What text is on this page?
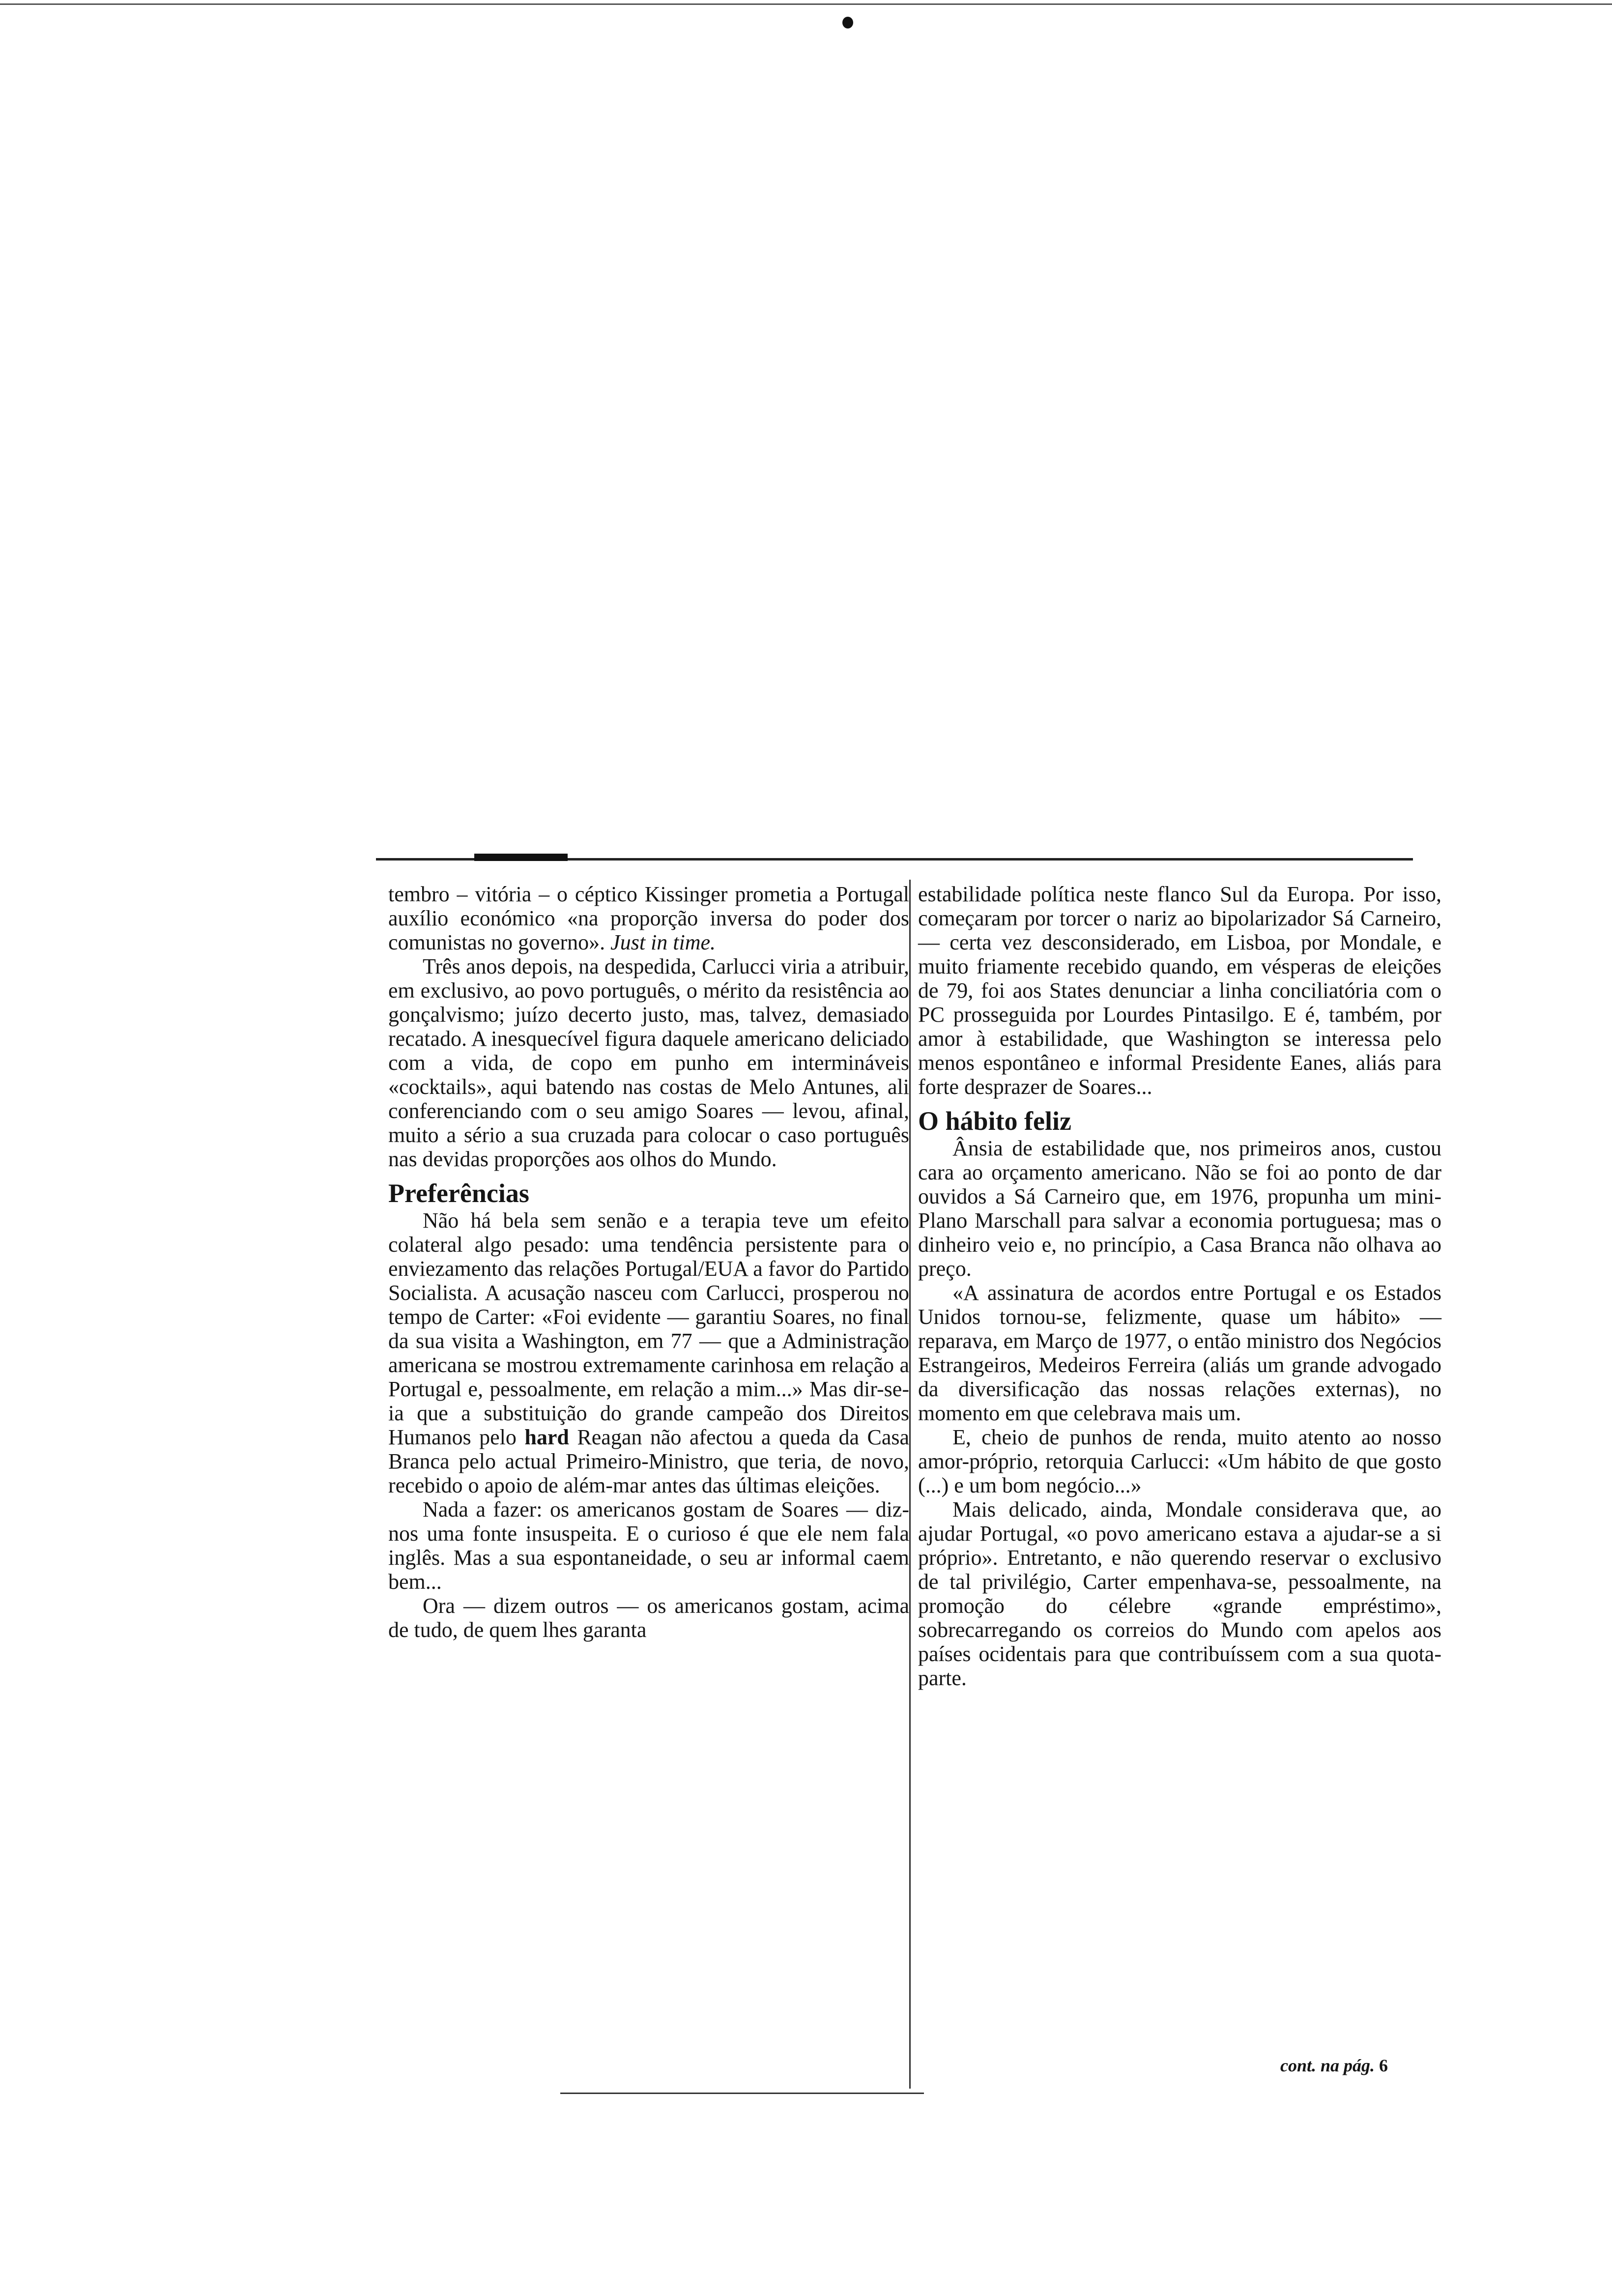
tembro – vitória – o céptico Kissinger prometia a Portugal auxílio económico «na proporção inversa do poder dos comunistas no governo». Just in time.

Três anos depois, na despedida, Carlucci viria a atribuir, em exclusivo, ao povo português, o mérito da resistência ao gonçalvismo; juízo decerto justo, mas, talvez, demasiado recatado. A inesquecível figura daquele americano deliciado com a vida, de copo em punho em intermináveis «cocktails», aqui batendo nas costas de Melo Antunes, ali conferenciando com o seu amigo Soares — levou, afinal, muito a sério a sua cruzada para colocar o caso português nas devidas proporções aos olhos do Mundo.

Preferências

Não há bela sem senão e a terapia teve um efeito colateral algo pesado: uma tendência persistente para o enviezamento das relações Portugal/EUA a favor do Partido Socialista. A acusação nasceu com Carlucci, prosperou no tempo de Carter: «Foi evidente — garantiu Soares, no final da sua visita a Washington, em 77 — que a Administração americana se mostrou extremamente carinhosa em relação a Portugal e, pessoalmente, em relação a mim...» Mas dir-se-ia que a substituição do grande campeão dos Direitos Humanos pelo hard Reagan não afectou a queda da Casa Branca pelo actual Primeiro-Ministro, que teria, de novo, recebido o apoio de além-mar antes das últimas eleições.

Nada a fazer: os americanos gostam de Soares — diz-nos uma fonte insuspeita. E o curioso é que ele nem fala inglês. Mas a sua espontaneidade, o seu ar informal caem bem...

Ora — dizem outros — os americanos gostam, acima de tudo, de quem lhes garanta

estabilidade política neste flanco Sul da Europa. Por isso, começaram por torcer o nariz ao bipolarizador Sá Carneiro, — certa vez desconsiderado, em Lisboa, por Mondale, e muito friamente recebido quando, em vésperas de eleições de 79, foi aos States denunciar a linha conciliatória com o PC prosseguida por Lourdes Pintasilgo. E é, também, por amor à estabilidade, que Washington se interessa pelo menos espontâneo e informal Presidente Eanes, aliás para forte desprazer de Soares...

O hábito feliz

Ânsia de estabilidade que, nos primeiros anos, custou cara ao orçamento americano. Não se foi ao ponto de dar ouvidos a Sá Carneiro que, em 1976, propunha um mini-Plano Marschall para salvar a economia portuguesa; mas o dinheiro veio e, no princípio, a Casa Branca não olhava ao preço.

«A assinatura de acordos entre Portugal e os Estados Unidos tornou-se, felizmente, quase um hábito» — reparava, em Março de 1977, o então ministro dos Negócios Estrangeiros, Medeiros Ferreira (aliás um grande advogado da diversificação das nossas relações externas), no momento em que celebrava mais um.

E, cheio de punhos de renda, muito atento ao nosso amor-próprio, retorquia Carlucci: «Um hábito de que gosto (...) e um bom negócio...»

Mais delicado, ainda, Mondale considerava que, ao ajudar Portugal, «o povo americano estava a ajudar-se a si próprio». Entretanto, e não querendo reservar o exclusivo de tal privilégio, Carter empenhava-se, pessoalmente, na promoção do célebre «grande empréstimo», sobrecarregando os correios do Mundo com apelos aos países ocidentais para que contribuíssem com a sua quota-parte.

cont. na pág. 6
